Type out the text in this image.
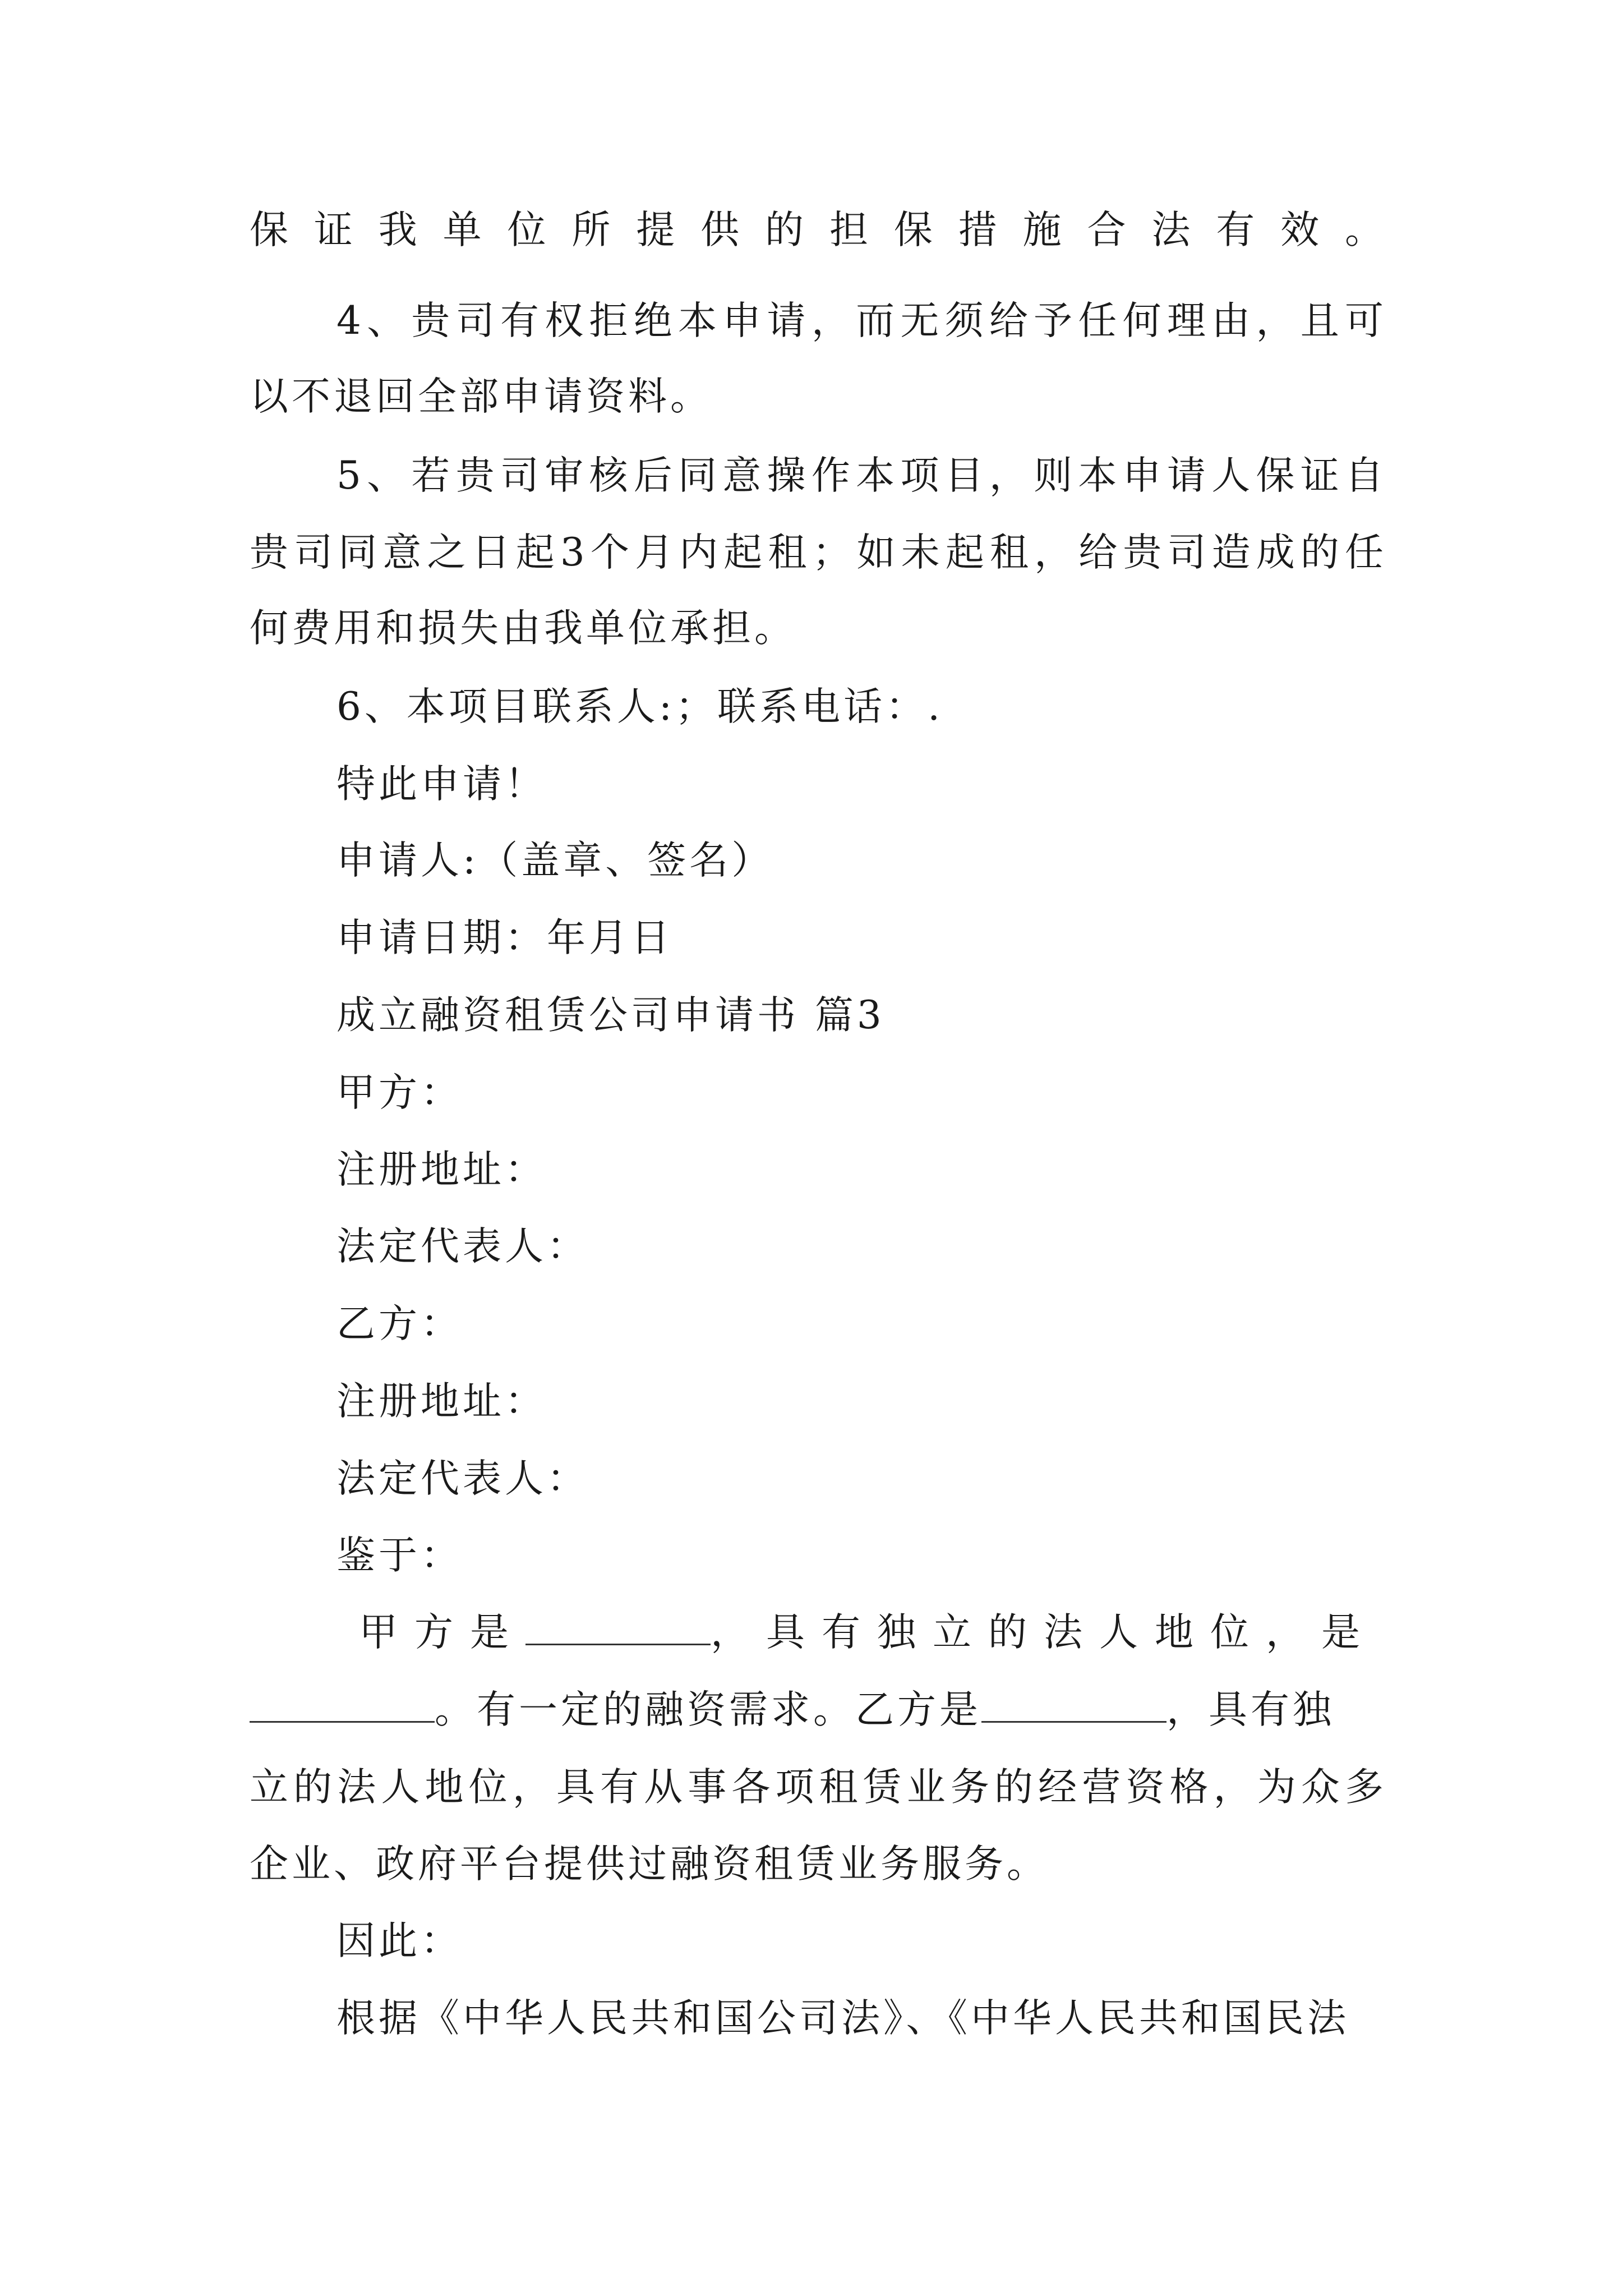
保证我单位所提供的担保措施合法有效。
4、贵司有权拒绝本申请，而无须给予任何理由，且可
以不退回全部申请资料。
5、若贵司审核后同意操作本项目，则本申请人保证自
贵司同意之日起3个月内起租；如未起租，给贵司造成的任
何费用和损失由我单位承担。
6、本项目联系人:；联系电话：.
特此申请！
申请人:（盖章、签名）
申请日期：年月日
成立融资租赁公司申请书 篇3
甲方：
注册地址：
法定代表人：
乙方：
注册地址：
法定代表人：
鉴于：
甲方是	，具有独立的法人地位，是
。有一定的融资需求。乙方是	，具有独
立的法人地位，具有从事各项租赁业务的经营资格，为众多
企业、政府平台提供过融资租赁业务服务。
因此：
根据《中华人民共和国公司法》、《中华人民共和国民法
